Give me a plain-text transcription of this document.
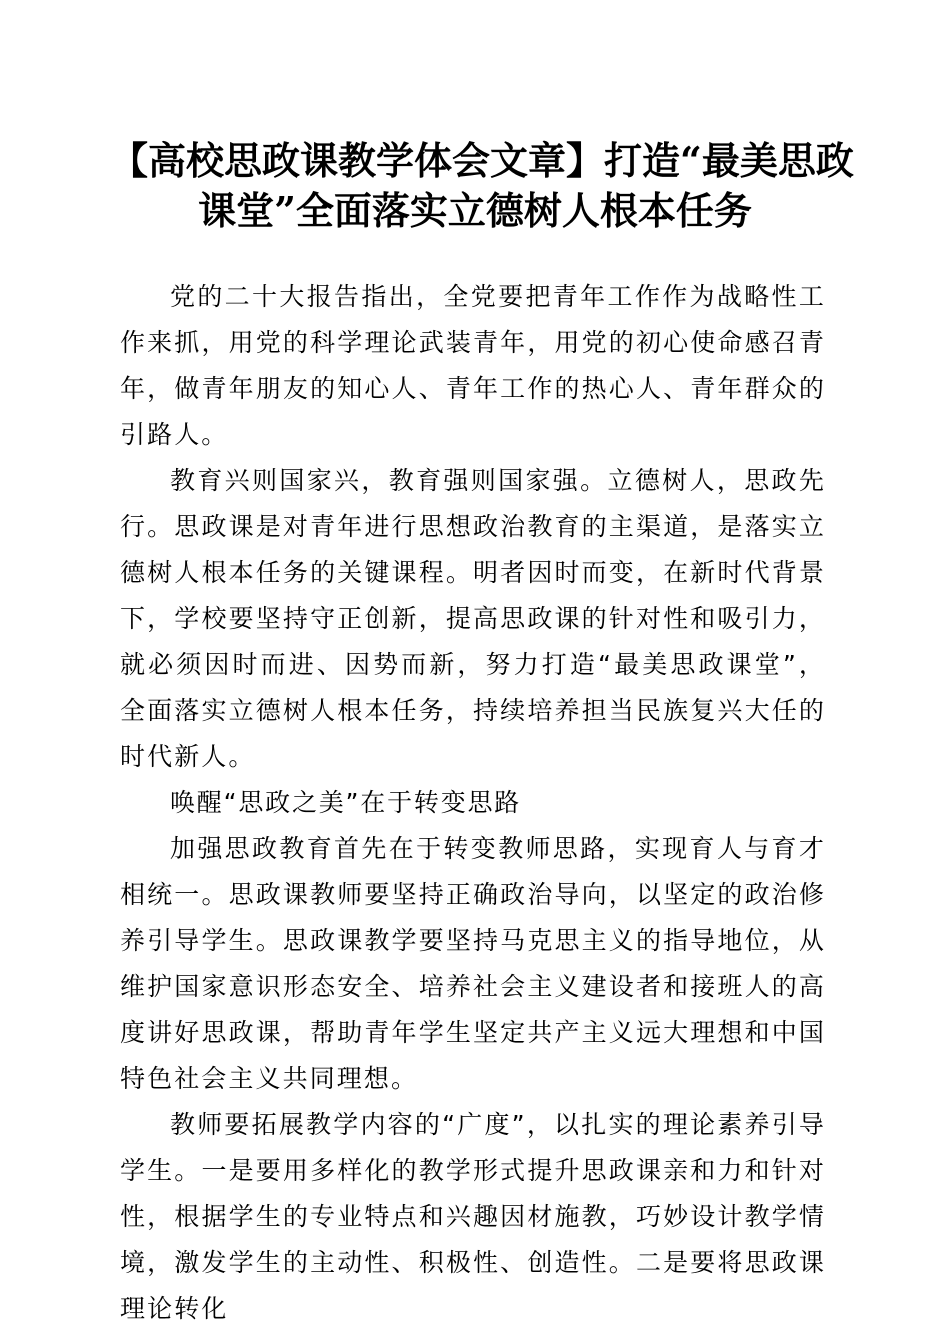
【高校思政课教学体会文章】打造“最美思政
课堂”全面落实立德树人根本任务

党的二十大报告指出，全党要把青年工作作为战略性工作来抓，用党的科学理论武装青年，用党的初心使命感召青年，做青年朋友的知心人、青年工作的热心人、青年群众的引路人。

教育兴则国家兴，教育强则国家强。立德树人，思政先行。思政课是对青年进行思想政治教育的主渠道，是落实立德树人根本任务的关键课程。明者因时而变，在新时代背景下，学校要坚持守正创新，提高思政课的针对性和吸引力，就必须因时而进、因势而新，努力打造“最美思政课堂”，全面落实立德树人根本任务，持续培养担当民族复兴大任的时代新人。

唤醒“思政之美”在于转变思路

加强思政教育首先在于转变教师思路，实现育人与育才相统一。思政课教师要坚持正确政治导向，以坚定的政治修养引导学生。思政课教学要坚持马克思主义的指导地位，从维护国家意识形态安全、培养社会主义建设者和接班人的高度讲好思政课，帮助青年学生坚定共产主义远大理想和中国特色社会主义共同理想。

教师要拓展教学内容的“广度”，以扎实的理论素养引导学生。一是要用多样化的教学形式提升思政课亲和力和针对性，根据学生的专业特点和兴趣因材施教，巧妙设计教学情境，激发学生的主动性、积极性、创造性。二是要将思政课理论转化
